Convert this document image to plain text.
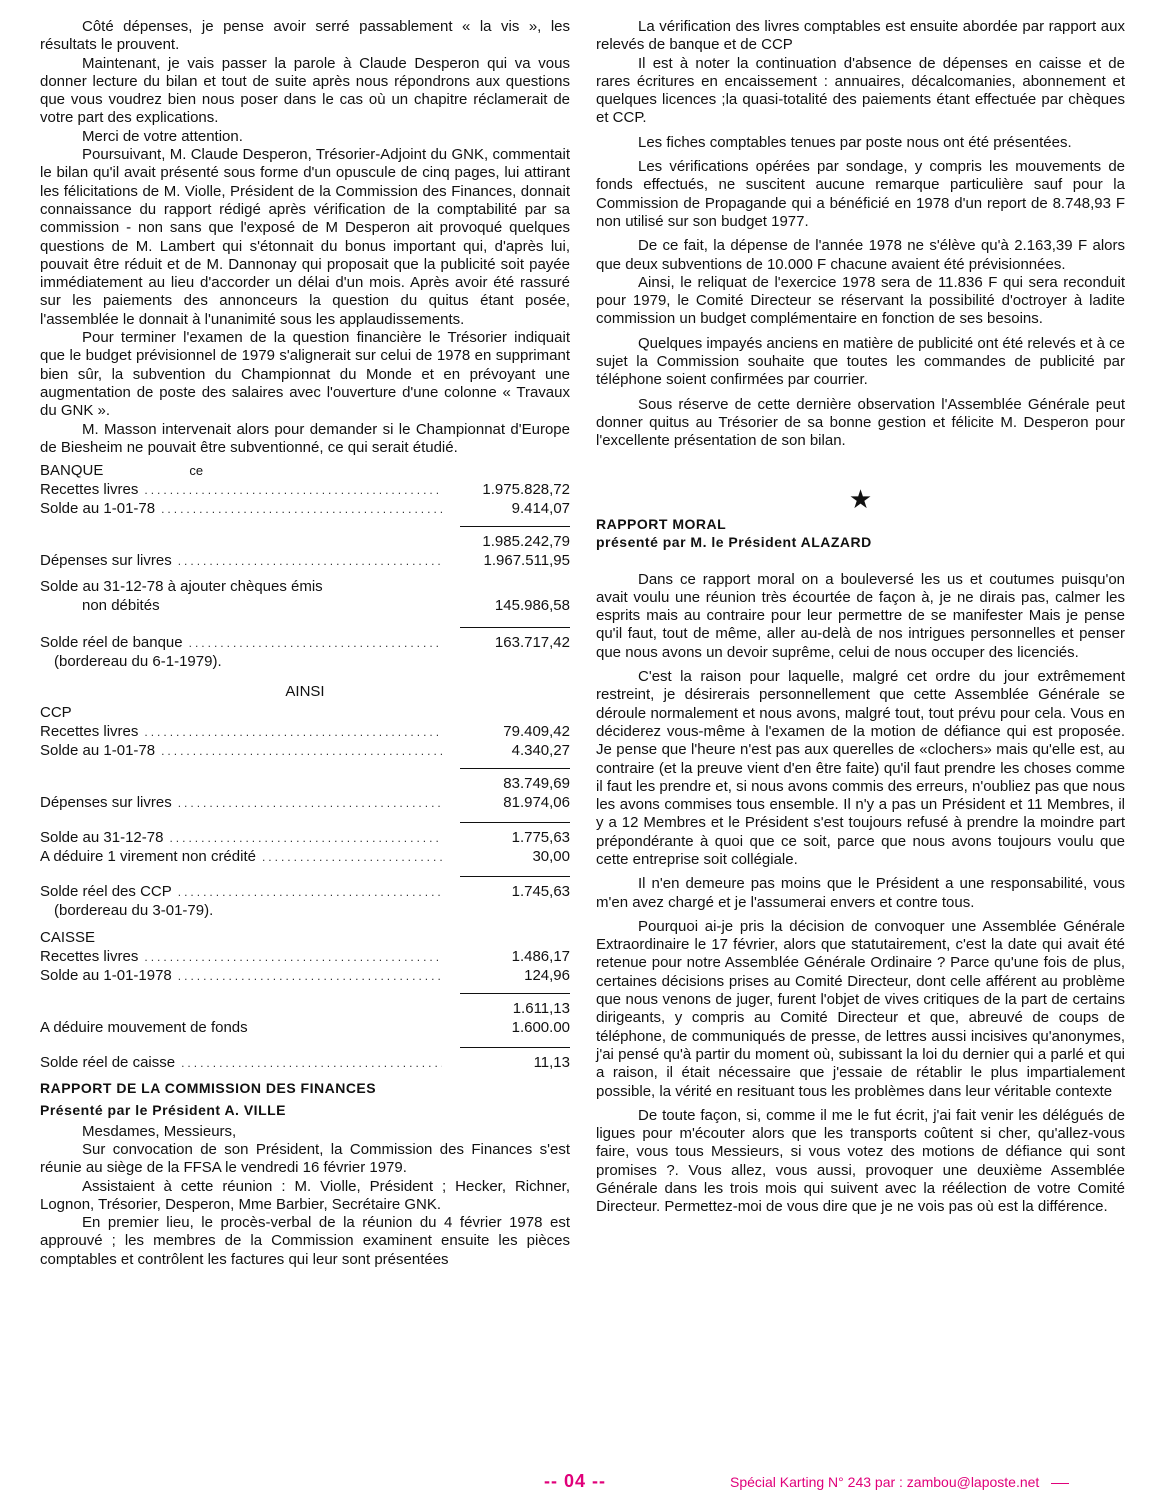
Côté dépenses, je pense avoir serré passablement « la vis », les résultats le prouvent.

Maintenant, je vais passer la parole à Claude Desperon qui va vous donner lecture du bilan et tout de suite après nous répondrons aux questions que vous voudrez bien nous poser dans le cas où un chapitre réclamerait de votre part des explications.

Merci de votre attention.

Poursuivant, M. Claude Desperon, Trésorier-Adjoint du GNK, commentait le bilan qu'il avait présenté sous forme d'un opuscule de cinq pages, lui attirant les félicitations de M. Violle, Président de la Commission des Finances, donnait connaissance du rapport rédigé après vérification de la comptabilité par sa commission - non sans que l'exposé de M Desperon ait provoqué quelques questions de M. Lambert qui s'étonnait du bonus important qui, d'après lui, pouvait être réduit et de M. Dannonay qui proposait que la publicité soit payée immédiatement au lieu d'accorder un délai d'un mois. Après avoir été rassuré sur les paiements des annonceurs la question du quitus étant posée, l'assemblée le donnait à l'unanimité sous les applaudissements.

Pour terminer l'examen de la question financière le Trésorier indiquait que le budget prévisionnel de 1979 s'alignerait sur celui de 1978 en supprimant bien sûr, la subvention du Championnat du Monde et en prévoyant une augmentation de poste des salaires avec l'ouverture d'une colonne « Travaux du GNK ».

M. Masson intervenait alors pour demander si le Championnat d'Europe de Biesheim ne pouvait être subventionné, ce qui serait étudié.

BANQUE	ce
Recettes livres
.....	1.975.828,72
Solde au 1-01-78
.....	9.414,07
1.985.242,79
Dépenses sur livres
.....	1.967.511,95
Solde au 31-12-78 à ajouter chèques émis
non débités	145.986,58
Solde réel de banque
.....	163.717,42
(bordereau du 6-1-1979).
AINSI
CCP
Recettes livres
.....	79.409,42
Solde au 1-01-78
.....	4.340,27
83.749,69
Dépenses sur livres
.....	81.974,06
Solde au 31-12-78
.....	1.775,63
A déduire 1 virement non crédité
.....	30,00
Solde réel des CCP
.....	1.745,63
(bordereau du 3-01-79).
CAISSE
Recettes livres
.....	1.486,17
Solde au 1-01-1978
.....	124,96
1.611,13
A déduire mouvement de fonds	1.600.00
Solde réel de caisse
.....	11,13
RAPPORT DE LA COMMISSION DES FINANCES
Présenté par le Président A. VILLE

Mesdames, Messieurs,

Sur convocation de son Président, la Commission des Finances s'est réunie au siège de la FFSA le vendredi 16 février 1979.

Assistaient à cette réunion : M. Violle, Président ; Hecker, Richner, Lognon, Trésorier, Desperon, Mme Barbier, Secrétaire GNK.

En premier lieu, le procès-verbal de la réunion du 4 février 1978 est approuvé ; les membres de la Commission examinent ensuite les pièces comptables et contrôlent les factures qui leur sont présentées

La vérification des livres comptables est ensuite abordée par rapport aux relevés de banque et de CCP

Il est à noter la continuation d'absence de dépenses en caisse et de rares écritures en encaissement : annuaires, décalcomanies, abonnement et quelques licences ;la quasi-totalité des paiements étant effectuée par chèques et CCP.

Les fiches comptables tenues par poste nous ont été présentées.

Les vérifications opérées par sondage, y compris les mouvements de fonds effectués, ne suscitent aucune remarque particulière sauf pour la Commission de Propagande qui a bénéficié en 1978 d'un report de 8.748,93 F non utilisé sur son budget 1977.

De ce fait, la dépense de l'année 1978 ne s'élève qu'à 2.163,39 F alors que deux subventions de 10.000 F chacune avaient été prévisionnées.

Ainsi, le reliquat de l'exercice 1978 sera de 11.836 F qui sera reconduit pour 1979, le Comité Directeur se réservant la possibilité d'octroyer à ladite commission un budget complémentaire en fonction de ses besoins.

Quelques impayés anciens en matière de publicité ont été relevés et à ce sujet la Commission souhaite que toutes les commandes de publicité par téléphone soient confirmées par courrier.

Sous réserve de cette dernière observation l'Assemblée Générale peut donner quitus au Trésorier de sa bonne gestion et félicite M. Desperon pour l'excellente présentation de son bilan.

★
RAPPORT MORAL
présenté par M. le Président ALAZARD

Dans ce rapport moral on a bouleversé les us et coutumes puisqu'on avait voulu une réunion très écourtée de façon à, je ne dirais pas, calmer les esprits mais au contraire pour leur permettre de se manifester Mais je pense qu'il faut, tout de même, aller au-delà de nos intrigues personnelles et penser que nous avons un devoir suprême, celui de nous occuper des licenciés.

C'est la raison pour laquelle, malgré cet ordre du jour extrêmement restreint, je désirerais personnellement que cette Assemblée Générale se déroule normalement et nous avons, malgré tout, tout prévu pour cela. Vous en déciderez vous-même à l'examen de la motion de défiance qui est proposée. Je pense que l'heure n'est pas aux querelles de «clochers» mais qu'elle est, au contraire (et la preuve vient d'en être faite) qu'il faut prendre les choses comme il faut les prendre et, si nous avons commis des erreurs, n'oubliez pas que nous les avons commises tous ensemble. Il n'y a pas un Président et 11 Membres, il y a 12 Membres et le Président s'est toujours refusé à prendre la moindre part prépondérante à quoi que ce soit, parce que nous avons toujours voulu que cette entreprise soit collégiale.

Il n'en demeure pas moins que le Président a une responsabilité, vous m'en avez chargé et je l'assumerai envers et contre tous.

Pourquoi ai-je pris la décision de convoquer une Assemblée Générale Extraordinaire le 17 février, alors que statutairement, c'est la date qui avait été retenue pour notre Assemblée Générale Ordinaire ? Parce qu'une fois de plus, certaines décisions prises au Comité Directeur, dont celle afférent au problème que nous venons de juger, furent l'objet de vives critiques de la part de certains dirigeants, y compris au Comité Directeur et que, abreuvé de coups de téléphone, de communiqués de presse, de lettres aussi incisives qu'anonymes, j'ai pensé qu'à partir du moment où, subissant la loi du dernier qui a parlé et qui a raison, il était nécessaire que j'essaie de rétablir le plus impartialement possible, la vérité en resituant tous les problèmes dans leur véritable contexte

De toute façon, si, comme il me le fut écrit, j'ai fait venir les délégués de ligues pour m'écouter alors que les transports coûtent si cher, qu'allez-vous faire, vous tous Messieurs, si vous votez des motions de défiance qui sont promises ?. Vous allez, vous aussi, provoquer une deuxième Assemblée Générale dans les trois mois qui suivent avec la réélection de votre Comité Directeur. Permettez-moi de vous dire que je ne vois pas où est la différence.

-- 04 --	Spécial Karting N° 243 par : zambou@laposte.net
